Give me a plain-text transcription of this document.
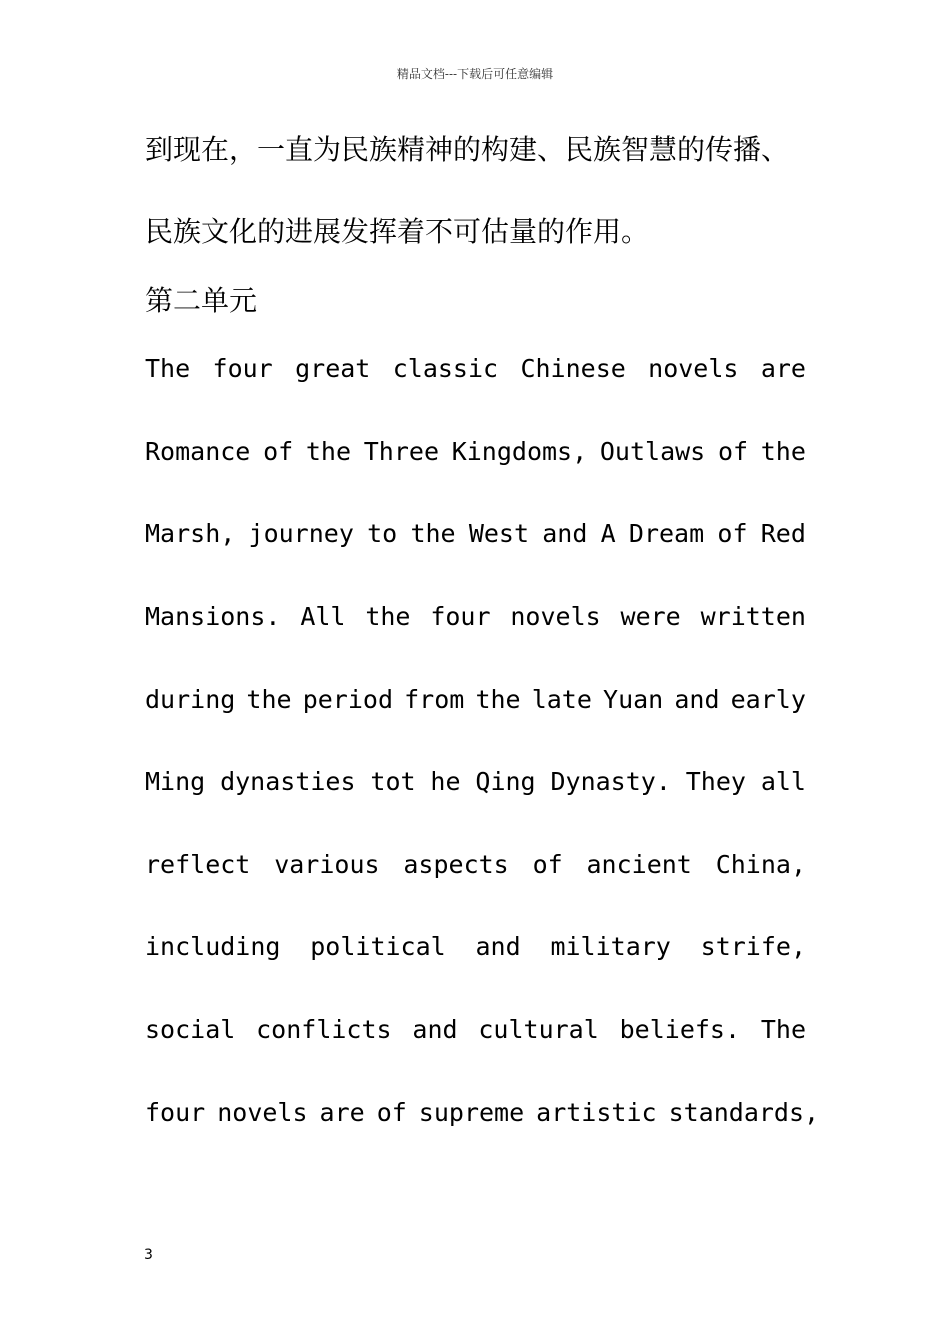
精品文档---下载后可任意编辑
到现在，一直为民族精神的构建、民族智慧的传播、
民族文化的进展发挥着不可估量的作用。
第二单元
The four great classic Chinese novels are
Romance of the Three Kingdoms, Outlaws of the
Marsh, journey to the West and A Dream of Red
Mansions. All the four novels were written
during the period from the late Yuan and early
Ming dynasties tot he Qing Dynasty. They all
reflect various aspects of ancient China,
including political and military strife,
social conflicts and cultural beliefs. The
four novels are of supreme artistic standards,
3
